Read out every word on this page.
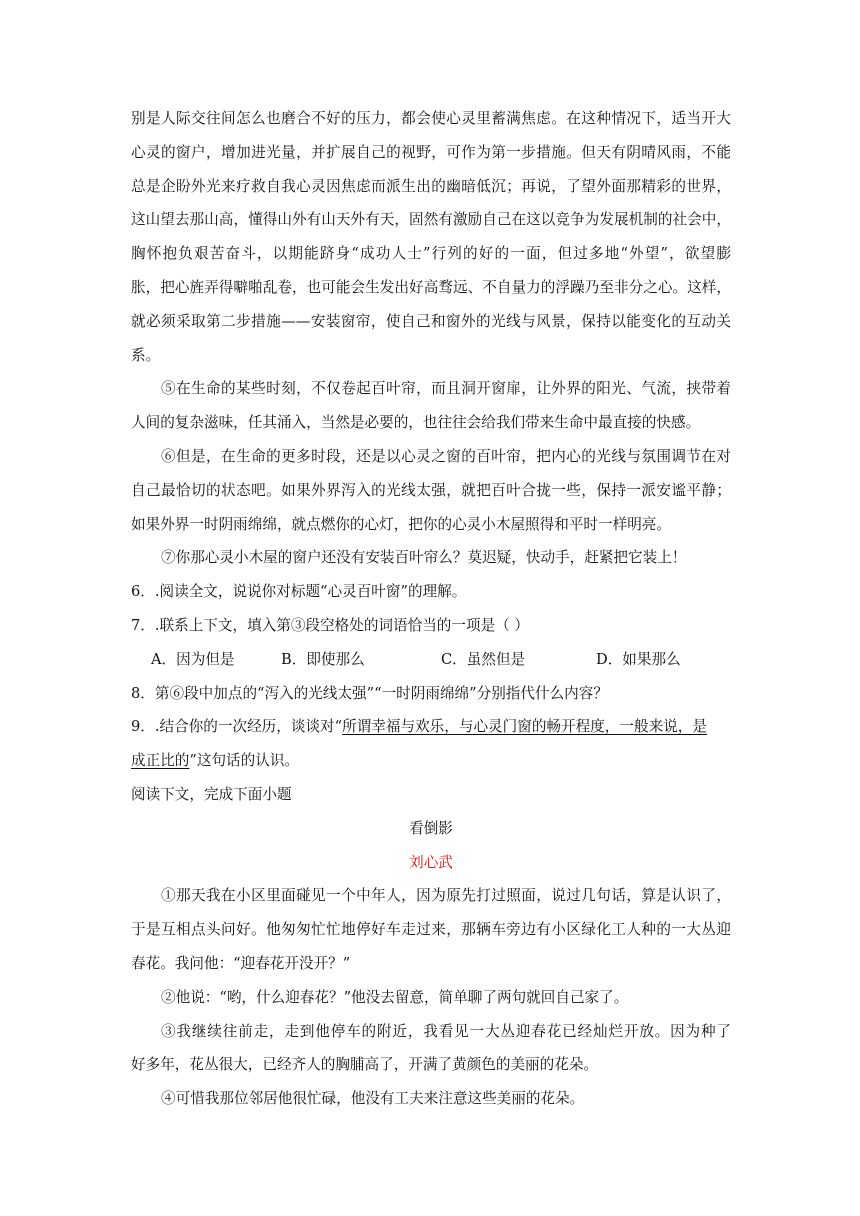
别是人际交往间怎么也磨合不好的压力，都会使心灵里蓄满焦虑。在这种情况下，适当开大
心灵的窗户，增加进光量，并扩展自己的视野，可作为第一步措施。但天有阴晴风雨，不能
总是企盼外光来疗救自我心灵因焦虑而派生出的幽暗低沉；再说，了望外面那精彩的世界，
这山望去那山高，懂得山外有山天外有天，固然有激励自己在这以竞争为发展机制的社会中，
胸怀抱负艰苦奋斗，以期能跻身“成功人士”行列的好的一面，但过多地“外望”，欲望膨
胀，把心旌弄得噼啪乱卷，也可能会生发出好高骛远、不自量力的浮躁乃至非分之心。这样，
就必须采取第二步措施——安装窗帘，使自己和窗外的光线与风景，保持以能变化的互动关
系。
⑤在生命的某些时刻，不仅卷起百叶帘，而且洞开窗扉，让外界的阳光、气流，挟带着
人间的复杂滋味，任其涌入，当然是必要的，也往往会给我们带来生命中最直接的快感。
⑥但是，在生命的更多时段，还是以心灵之窗的百叶帘，把内心的光线与氛围调节在对
自己最恰切的状态吧。如果外界泻入的光线太强，就把百叶合拢一些，保持一派安谧平静；
如果外界一时阴雨绵绵，就点燃你的心灯，把你的心灵小木屋照得和平时一样明亮。
⑦你那心灵小木屋的窗户还没有安装百叶帘么？莫迟疑，快动手，赶紧把它装上！
6．.阅读全文，说说你对标题“心灵百叶窗”的理解。
7．.联系上下文，填入第③段空格处的词语恰当的一项是（ ）
A．因为但是	B．即使那么	C．虽然但是	D．如果那么
8．第⑥段中加点的“泻入的光线太强”“一时阴雨绵绵”分别指代什么内容？
9．.结合你的一次经历，谈谈对“所谓幸福与欢乐，与心灵门窗的畅开程度，一般来说，是
成正比的”这句话的认识。
阅读下文，完成下面小题
看倒影
刘心武
①那天我在小区里面碰见一个中年人，因为原先打过照面，说过几句话，算是认识了，
于是互相点头问好。他匆匆忙忙地停好车走过来，那辆车旁边有小区绿化工人种的一大丛迎
春花。我问他：“迎春花开没开？”
②他说：“哟，什么迎春花？”他没去留意，简单聊了两句就回自己家了。
③我继续往前走，走到他停车的附近，我看见一大丛迎春花已经灿烂开放。因为种了
好多年，花丛很大，已经齐人的胸脯高了，开满了黄颜色的美丽的花朵。
④可惜我那位邻居他很忙碌，他没有工夫来注意这些美丽的花朵。
